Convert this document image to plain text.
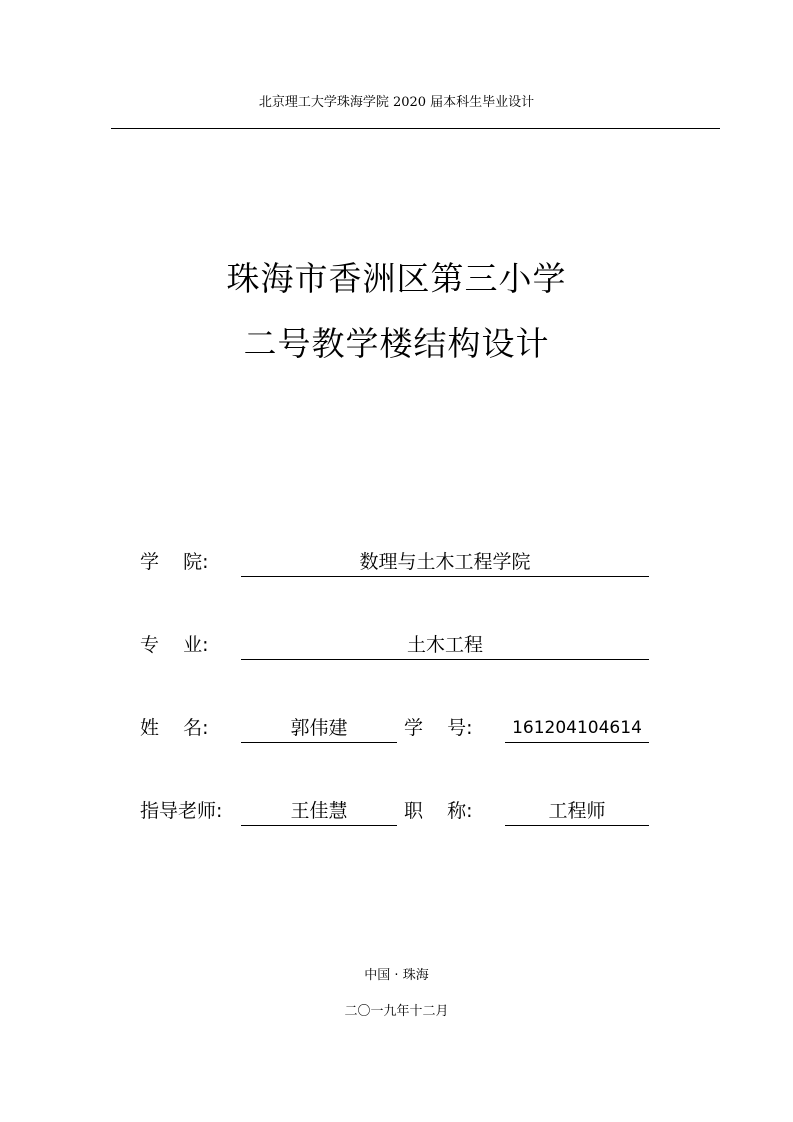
北京理工大学珠海学院 2020 届本科生毕业设计
珠海市香洲区第三小学
二号教学楼结构设计
学    院:	数理与土木工程学院
专    业:	土木工程
姓    名:	郭伟建	学    号:	161204104614
指导老师:	王佳慧	职    称:	工程师
中国 · 珠海
二〇一九年十二月
